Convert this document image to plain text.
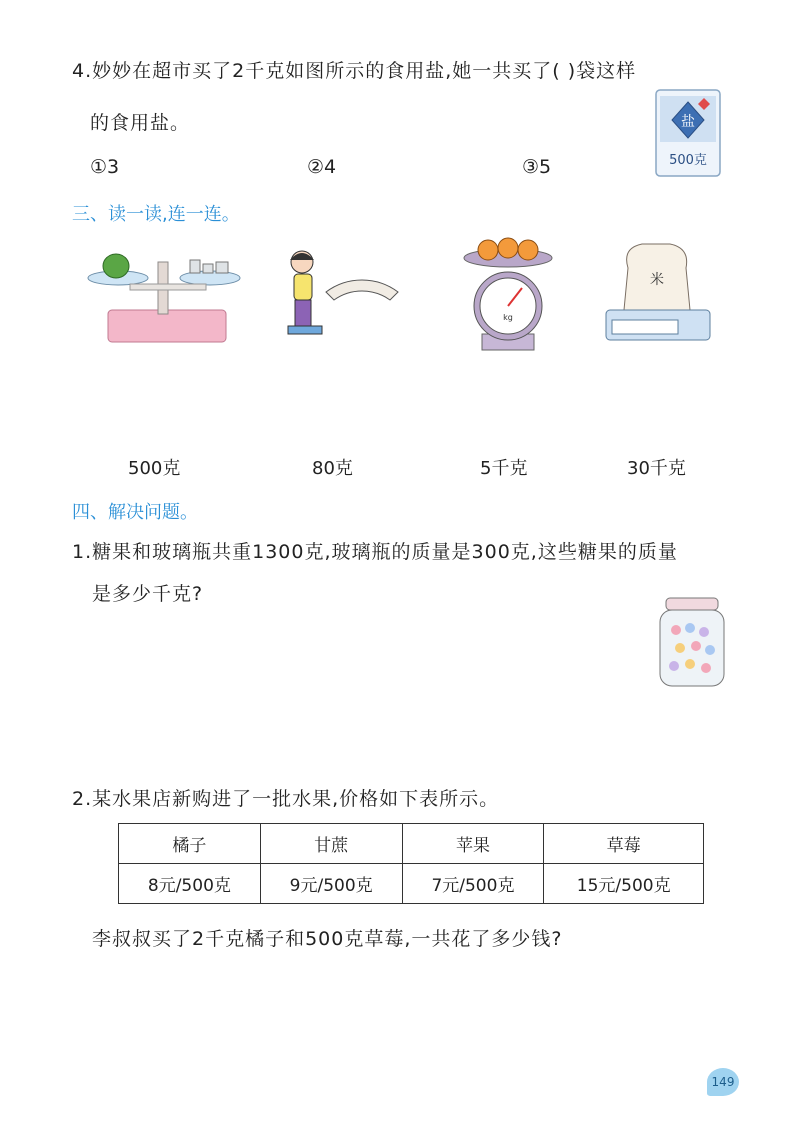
4.妙妙在超市买了2千克如图所示的食用盐,她一共买了( )袋这样
的食用盐。
①3	②4	③5
盐
500克
三、读一读,连一连。
kg
米
500克	80克	5千克	30千克
四、解决问题。
1.糖果和玻璃瓶共重1300克,玻璃瓶的质量是300克,这些糖果的质量
是多少千克?
2.某水果店新购进了一批水果,价格如下表所示。
橘子	甘蔗	苹果	草莓
8元/500克	9元/500克	7元/500克	15元/500克
李叔叔买了2千克橘子和500克草莓,一共花了多少钱?
149
